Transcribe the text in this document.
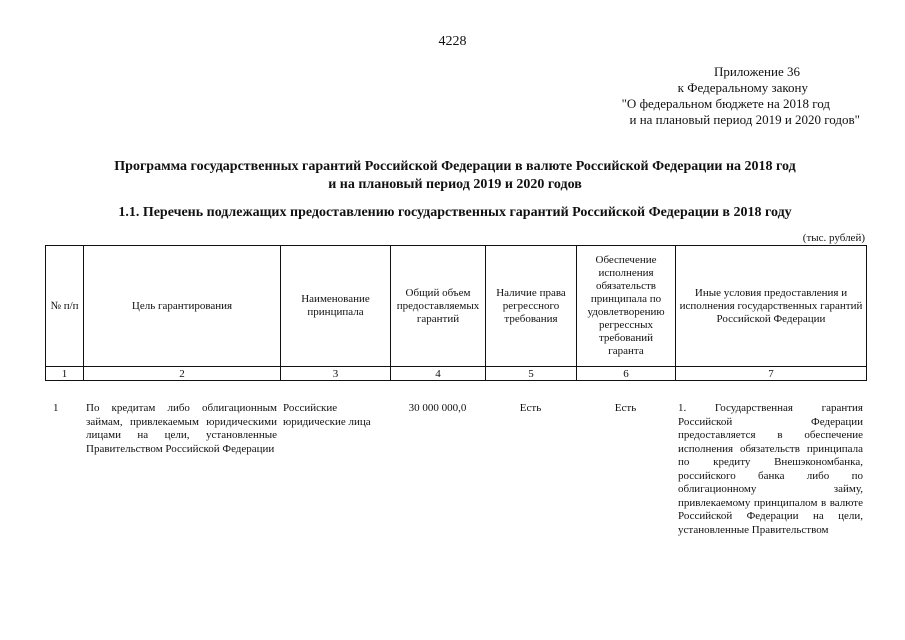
4228
Приложение 36
к Федеральному закону
"О федеральном бюджете на 2018 год
и на плановый период 2019 и 2020 годов"
Программа государственных гарантий Российской Федерации в валюте Российской Федерации на 2018 год
и на плановый период 2019 и 2020 годов
1.1. Перечень подлежащих предоставлению государственных гарантий Российской Федерации в 2018 году
(тыс. рублей)
№ п/п	Цель гарантирования	Наименование принципала	Общий объем предоставляемых гарантий	Наличие права регрессного требования	Обеспечение исполнения обязательств принципала по удовлетворению регрессных требований гаранта	Иные условия предоставления и исполнения государственных гарантий Российской Федерации
1	2	3	4	5	6	7
1	По кредитам либо облигационным займам, привлекаемым юридическими лицами на цели, установленные Правительством Российской Федерации	Российские юридические лица	30 000 000,0	Есть	Есть	1. Государственная гарантия Российской Федерации предоставляется в обеспечение исполнения обязательств принципала по кредиту Внешэкономбанка, российского банка либо по облигационному займу, привлекаемому принципалом в валюте Российской Федерации на цели, установленные Правительством
